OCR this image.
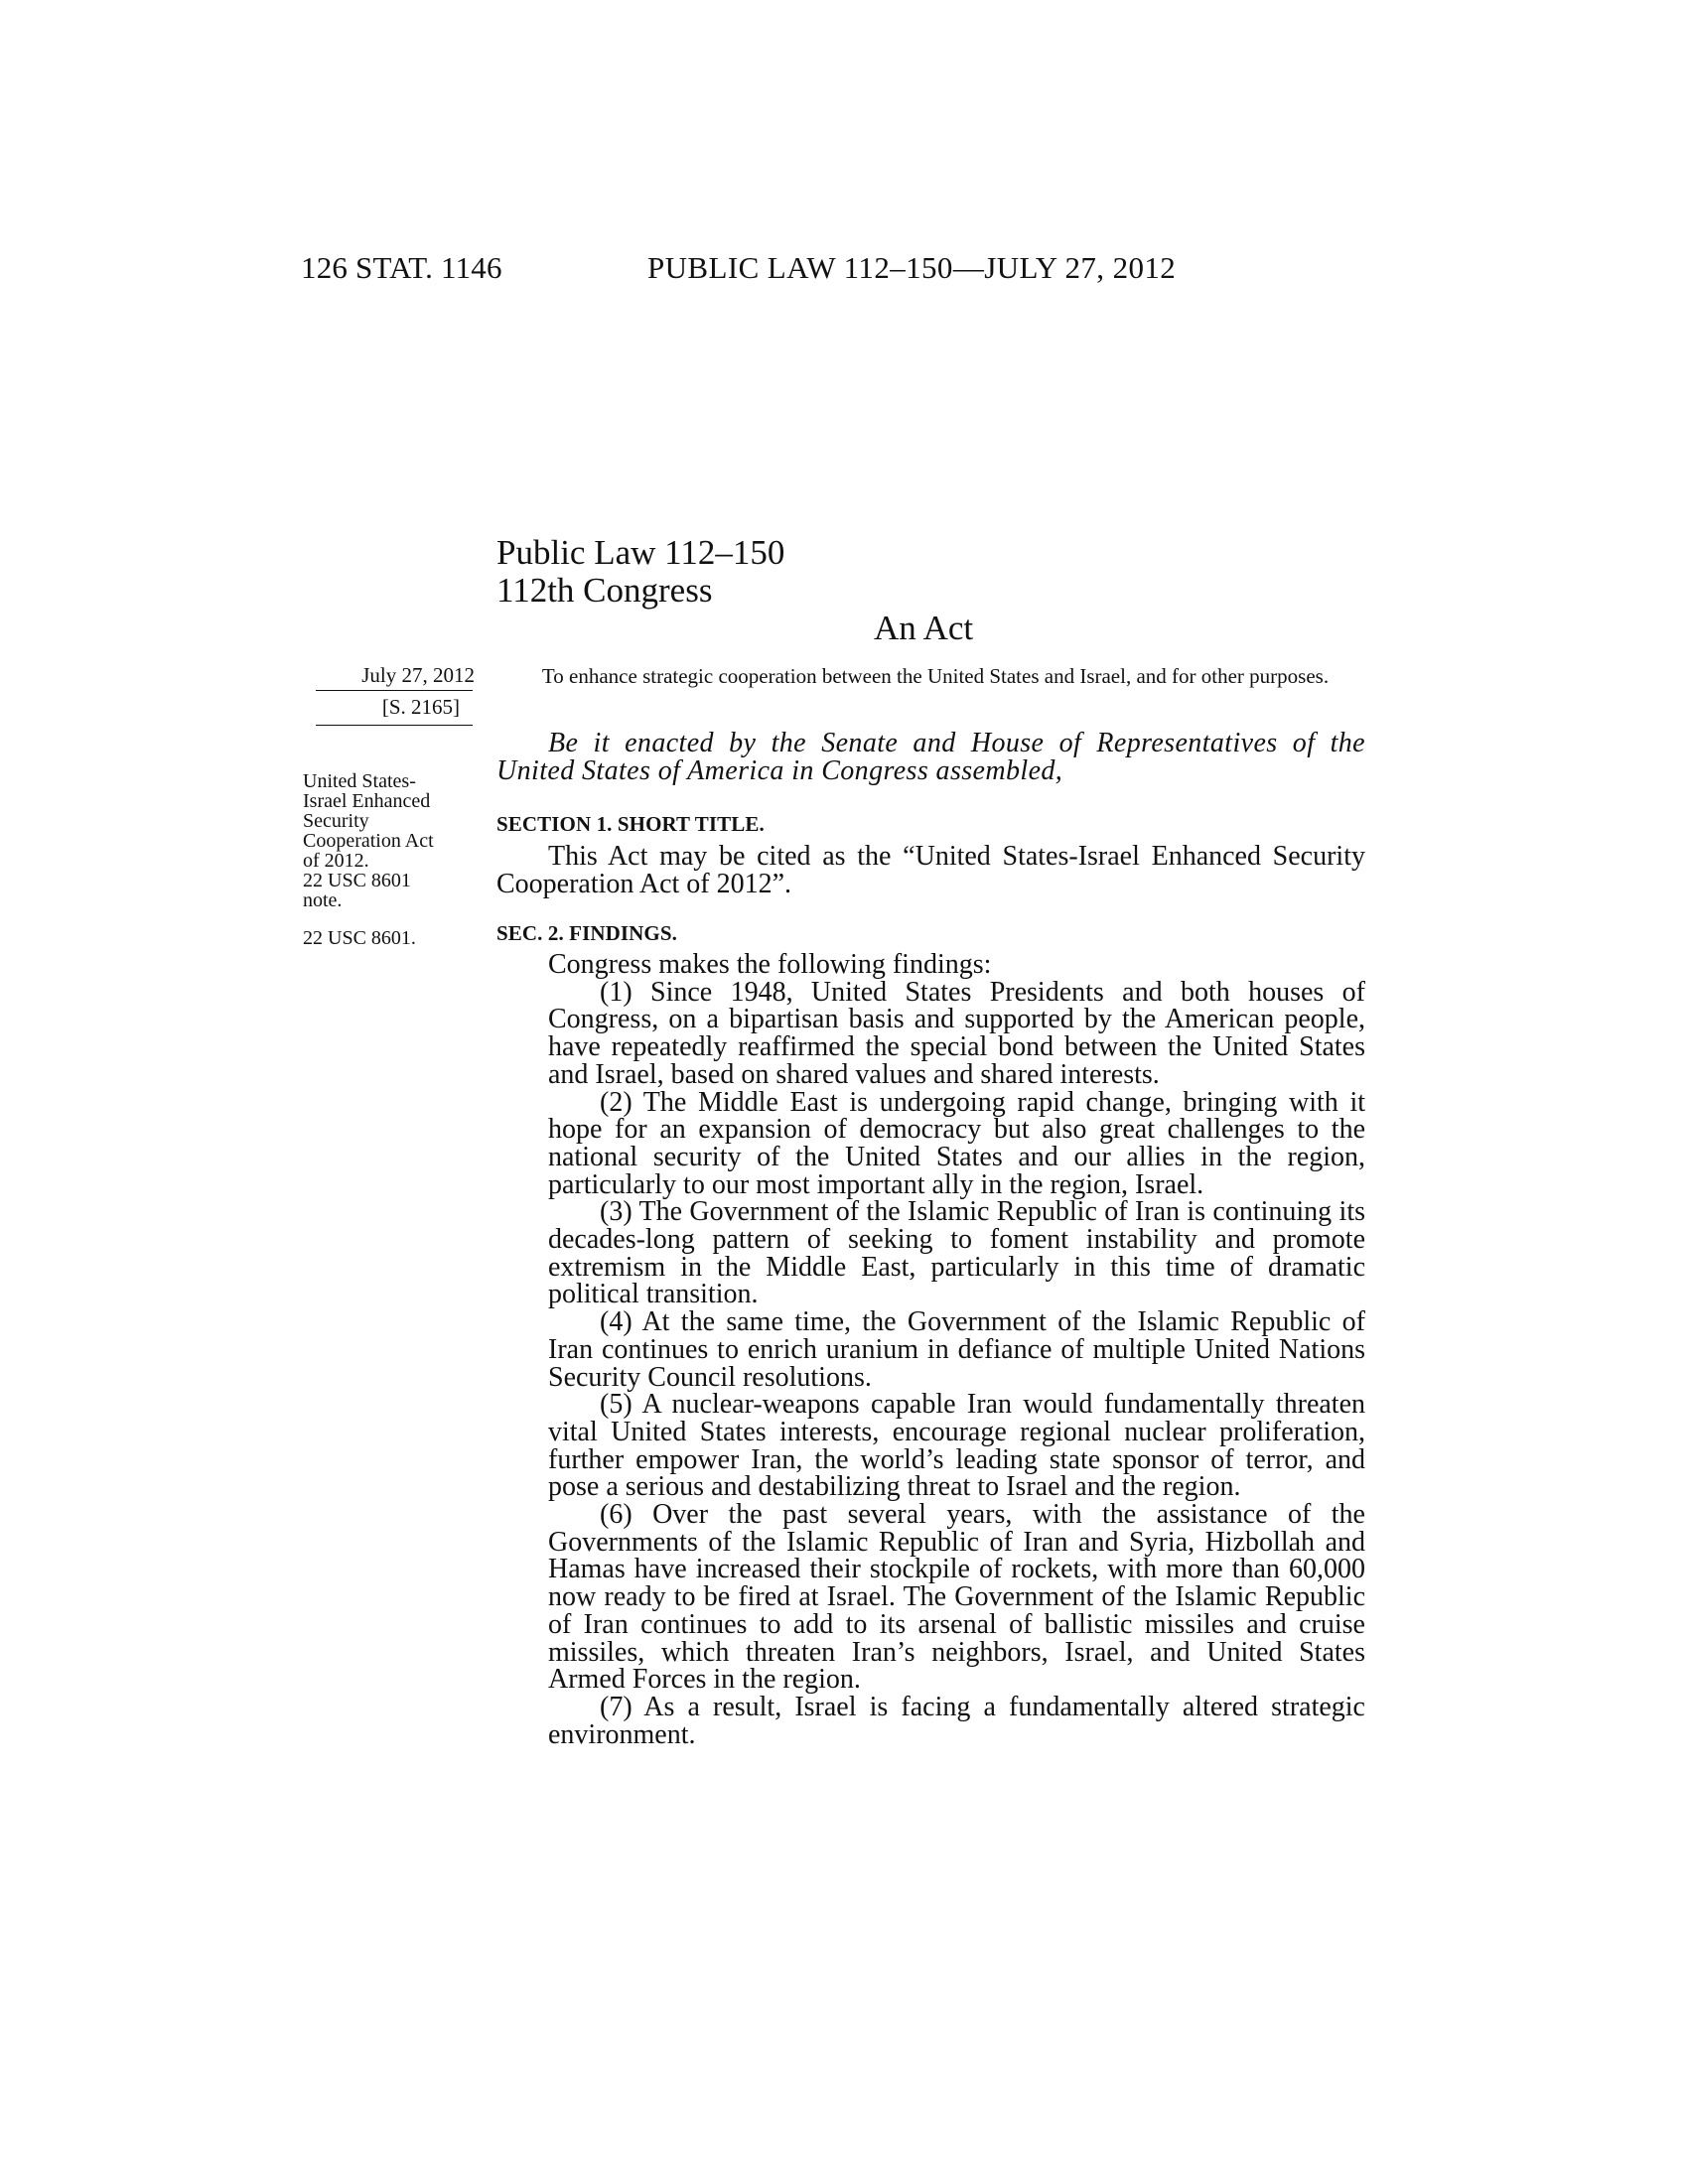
126 STAT. 1146	PUBLIC LAW 112–150—JULY 27, 2012
Public Law 112–150
112th Congress
An Act
July 27, 2012
[S. 2165]
United States-
Israel Enhanced
Security
Cooperation Act
of 2012.
22 USC 8601
note.
22 USC 8601.
To enhance strategic cooperation between the United States and Israel, and for other purposes.
Be it enacted by the Senate and House of Representatives of the United States of America in Congress assembled,
SECTION 1. SHORT TITLE.
This Act may be cited as the “United States-Israel Enhanced Security Cooperation Act of 2012”.
SEC. 2. FINDINGS.

Congress makes the following findings:

(1) Since 1948, United States Presidents and both houses of Congress, on a bipartisan basis and supported by the American people, have repeatedly reaffirmed the special bond between the United States and Israel, based on shared values and shared interests.

(2) The Middle East is undergoing rapid change, bringing with it hope for an expansion of democracy but also great challenges to the national security of the United States and our allies in the region, particularly to our most important ally in the region, Israel.

(3) The Government of the Islamic Republic of Iran is continuing its decades-long pattern of seeking to foment instability and promote extremism in the Middle East, particularly in this time of dramatic political transition.

(4) At the same time, the Government of the Islamic Republic of Iran continues to enrich uranium in defiance of multiple United Nations Security Council resolutions.

(5) A nuclear-weapons capable Iran would fundamentally threaten vital United States interests, encourage regional nuclear proliferation, further empower Iran, the world’s leading state sponsor of terror, and pose a serious and destabilizing threat to Israel and the region.

(6) Over the past several years, with the assistance of the Governments of the Islamic Republic of Iran and Syria, Hizbollah and Hamas have increased their stockpile of rockets, with more than 60,000 now ready to be fired at Israel. The Government of the Islamic Republic of Iran continues to add to its arsenal of ballistic missiles and cruise missiles, which threaten Iran’s neighbors, Israel, and United States Armed Forces in the region.

(7) As a result, Israel is facing a fundamentally altered strategic environment.
